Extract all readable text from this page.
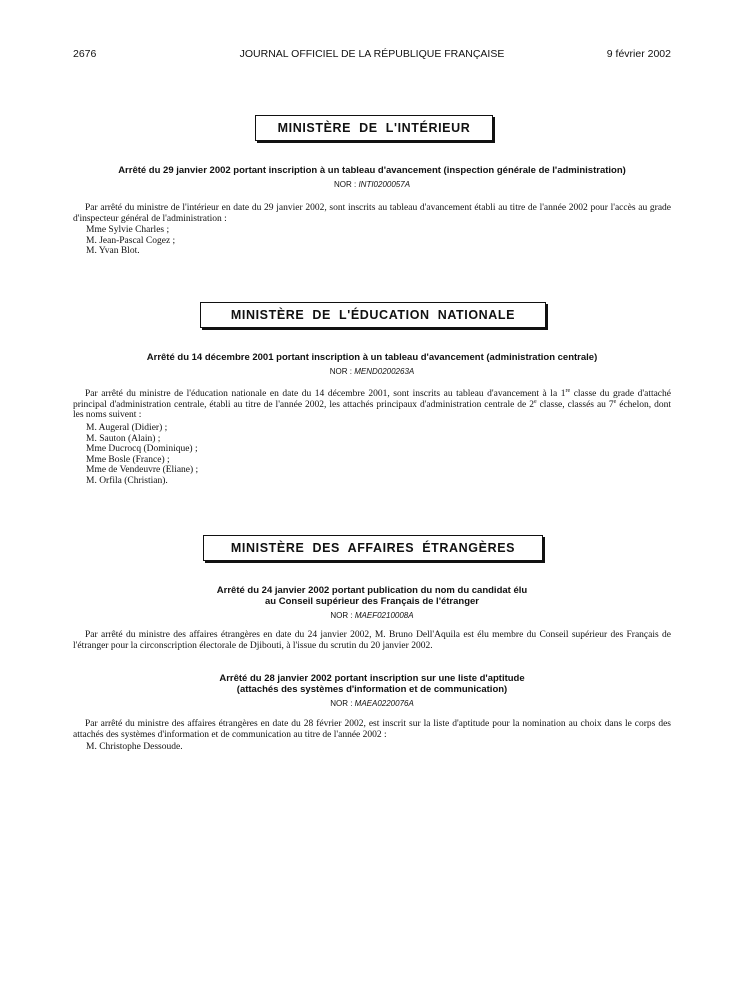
2676	JOURNAL OFFICIEL DE LA RÉPUBLIQUE FRANÇAISE	9 février 2002
MINISTÈRE DE L'INTÉRIEUR
Arrêté du 29 janvier 2002 portant inscription à un tableau d'avancement (inspection générale de l'administration)
NOR : INTI0200057A

Par arrêté du ministre de l'intérieur en date du 29 janvier 2002, sont inscrits au tableau d'avancement établi au titre de l'année 2002 pour l'accès au grade d'inspecteur général de l'administration :

Mme Sylvie Charles ;
M. Jean-Pascal Cogez ;
M. Yvan Blot.
MINISTÈRE DE L'ÉDUCATION NATIONALE
Arrêté du 14 décembre 2001 portant inscription à un tableau d'avancement (administration centrale)
NOR : MEND0200263A

Par arrêté du ministre de l'éducation nationale en date du 14 décembre 2001, sont inscrits au tableau d'avancement à la 1re classe du grade d'attaché principal d'administration centrale, établi au titre de l'année 2002, les attachés principaux d'administration centrale de 2e classe, classés au 7e échelon, dont les noms suivent :

M. Augeral (Didier) ;
M. Sauton (Alain) ;
Mme Ducrocq (Dominique) ;
Mme Bosle (France) ;
Mme de Vendeuvre (Eliane) ;
M. Orfila (Christian).
MINISTÈRE DES AFFAIRES ÉTRANGÈRES
Arrêté du 24 janvier 2002 portant publication du nom du candidat élu
au Conseil supérieur des Français de l'étranger
NOR : MAEF0210008A

Par arrêté du ministre des affaires étrangères en date du 24 janvier 2002, M. Bruno Dell'Aquila est élu membre du Conseil supérieur des Français de l'étranger pour la circonscription électorale de Djibouti, à l'issue du scrutin du 20 janvier 2002.

Arrêté du 28 janvier 2002 portant inscription sur une liste d'aptitude
(attachés des systèmes d'information et de communication)
NOR : MAEA0220076A

Par arrêté du ministre des affaires étrangères en date du 28 février 2002, est inscrit sur la liste d'aptitude pour la nomination au choix dans le corps des attachés des systèmes d'information et de communication au titre de l'année 2002 :

M. Christophe Dessoude.
